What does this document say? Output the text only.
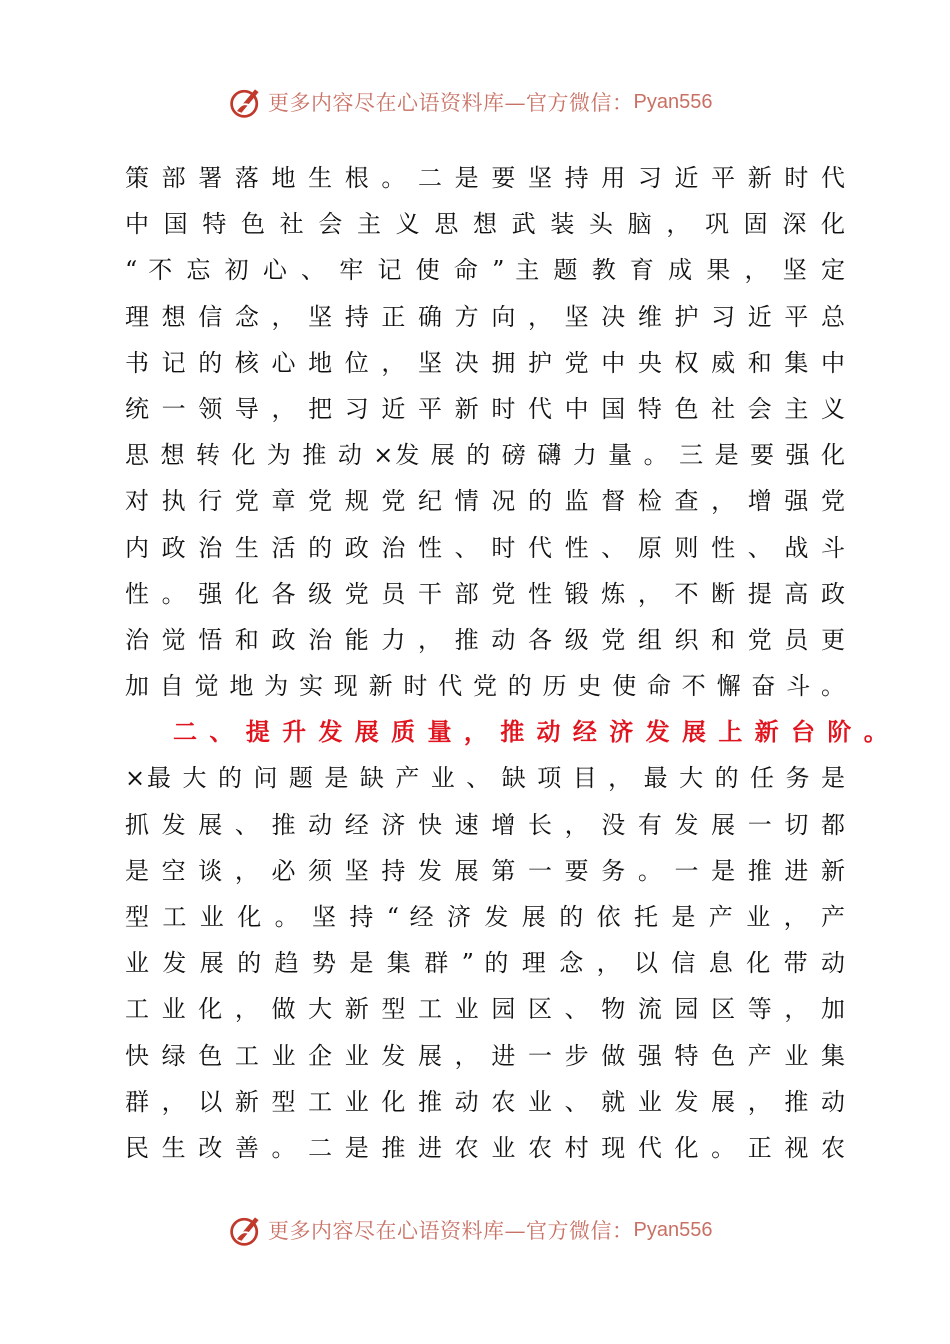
更多内容尽在心语资料库—官方微信： Pyan556
策 部 署 落 地 生 根 。 二 是 要 坚 持 用 习 近 平 新 时 代
中 国 特 色 社 会 主 义 思 想 武 装 头 脑 ， 巩 固 深 化
“ 不 忘 初 心 、 牢 记 使 命 ” 主 题 教 育 成 果 ， 坚 定
理 想 信 念 ， 坚 持 正 确 方 向 ， 坚 决 维 护 习 近 平 总
书 记 的 核 心 地 位 ， 坚 决 拥 护 党 中 央 权 威 和 集 中
统 一 领 导 ， 把 习 近 平 新 时 代 中 国 特 色 社 会 主 义
思 想 转 化 为 推 动 ×发 展 的 磅 礴 力 量 。 三 是 要 强 化
对 执 行 党 章 党 规 党 纪 情 况 的 监 督 检 查 ， 增 强 党
内 政 治 生 活 的 政 治 性 、 时 代 性 、 原 则 性 、 战 斗
性 。 强 化 各 级 党 员 干 部 党 性 锻 炼 ， 不 断 提 高 政
治 觉 悟 和 政 治 能 力 ， 推 动 各 级 党 组 织 和 党 员 更
加 自 觉 地 为 实 现 新 时 代 党 的 历 史 使 命 不 懈 奋 斗 。
二 、 提 升 发 展 质 量 ， 推 动 经 济 发 展 上 新 台 阶 。
×最 大 的 问 题 是 缺 产 业 、 缺 项 目 ， 最 大 的 任 务 是
抓 发 展 、 推 动 经 济 快 速 增 长 ， 没 有 发 展 一 切 都
是 空 谈 ， 必 须 坚 持 发 展 第 一 要 务 。 一 是 推 进 新
型 工 业 化 。 坚 持 “ 经 济 发 展 的 依 托 是 产 业 ， 产
业 发 展 的 趋 势 是 集 群 ” 的 理 念 ， 以 信 息 化 带 动
工 业 化 ， 做 大 新 型 工 业 园 区 、 物 流 园 区 等 ， 加
快 绿 色 工 业 企 业 发 展 ， 进 一 步 做 强 特 色 产 业 集
群 ， 以 新 型 工 业 化 推 动 农 业 、 就 业 发 展 ， 推 动
民 生 改 善 。 二 是 推 进 农 业 农 村 现 代 化 。 正 视 农
更多内容尽在心语资料库—官方微信： Pyan556
